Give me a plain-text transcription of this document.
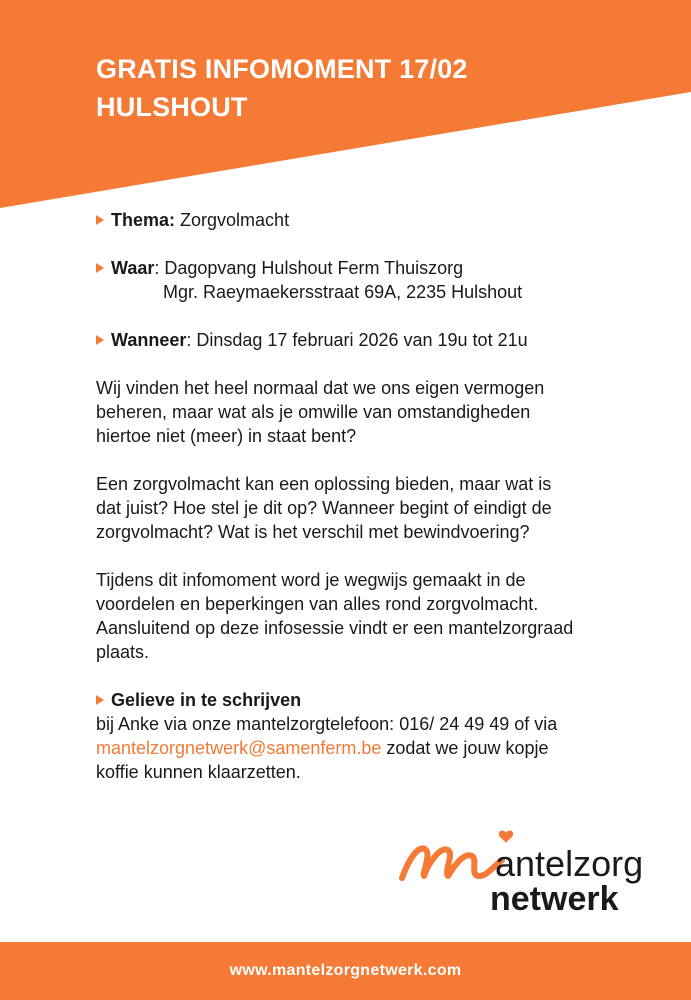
GRATIS INFOMOMENT 17/02
HULSHOUT
Thema: Zorgvolmacht
Waar: Dagopvang Hulshout Ferm Thuiszorg
Mgr. Raeymaekersstraat 69A, 2235 Hulshout
Wanneer: Dinsdag 17 februari 2026 van 19u tot 21u

Wij vinden het heel normaal dat we ons eigen vermogen
beheren, maar wat als je omwille van omstandigheden
hiertoe niet (meer) in staat bent?

Een zorgvolmacht kan een oplossing bieden, maar wat is
dat juist? Hoe stel je dit op? Wanneer begint of eindigt de
zorgvolmacht? Wat is het verschil met bewindvoering?

Tijdens dit infomoment word je wegwijs gemaakt in de
voordelen en beperkingen van alles rond zorgvolmacht.
Aansluitend op deze infosessie vindt er een mantelzorgraad
plaats.

Gelieve in te schrijven

bij Anke via onze mantelzorgtelefoon: 016/ 24 49 49 of via
mantelzorgnetwerk@samenferm.be zodat we jouw kopje
koffie kunnen klaarzetten.

antelzorg
netwerk
www.mantelzorgnetwerk.com
